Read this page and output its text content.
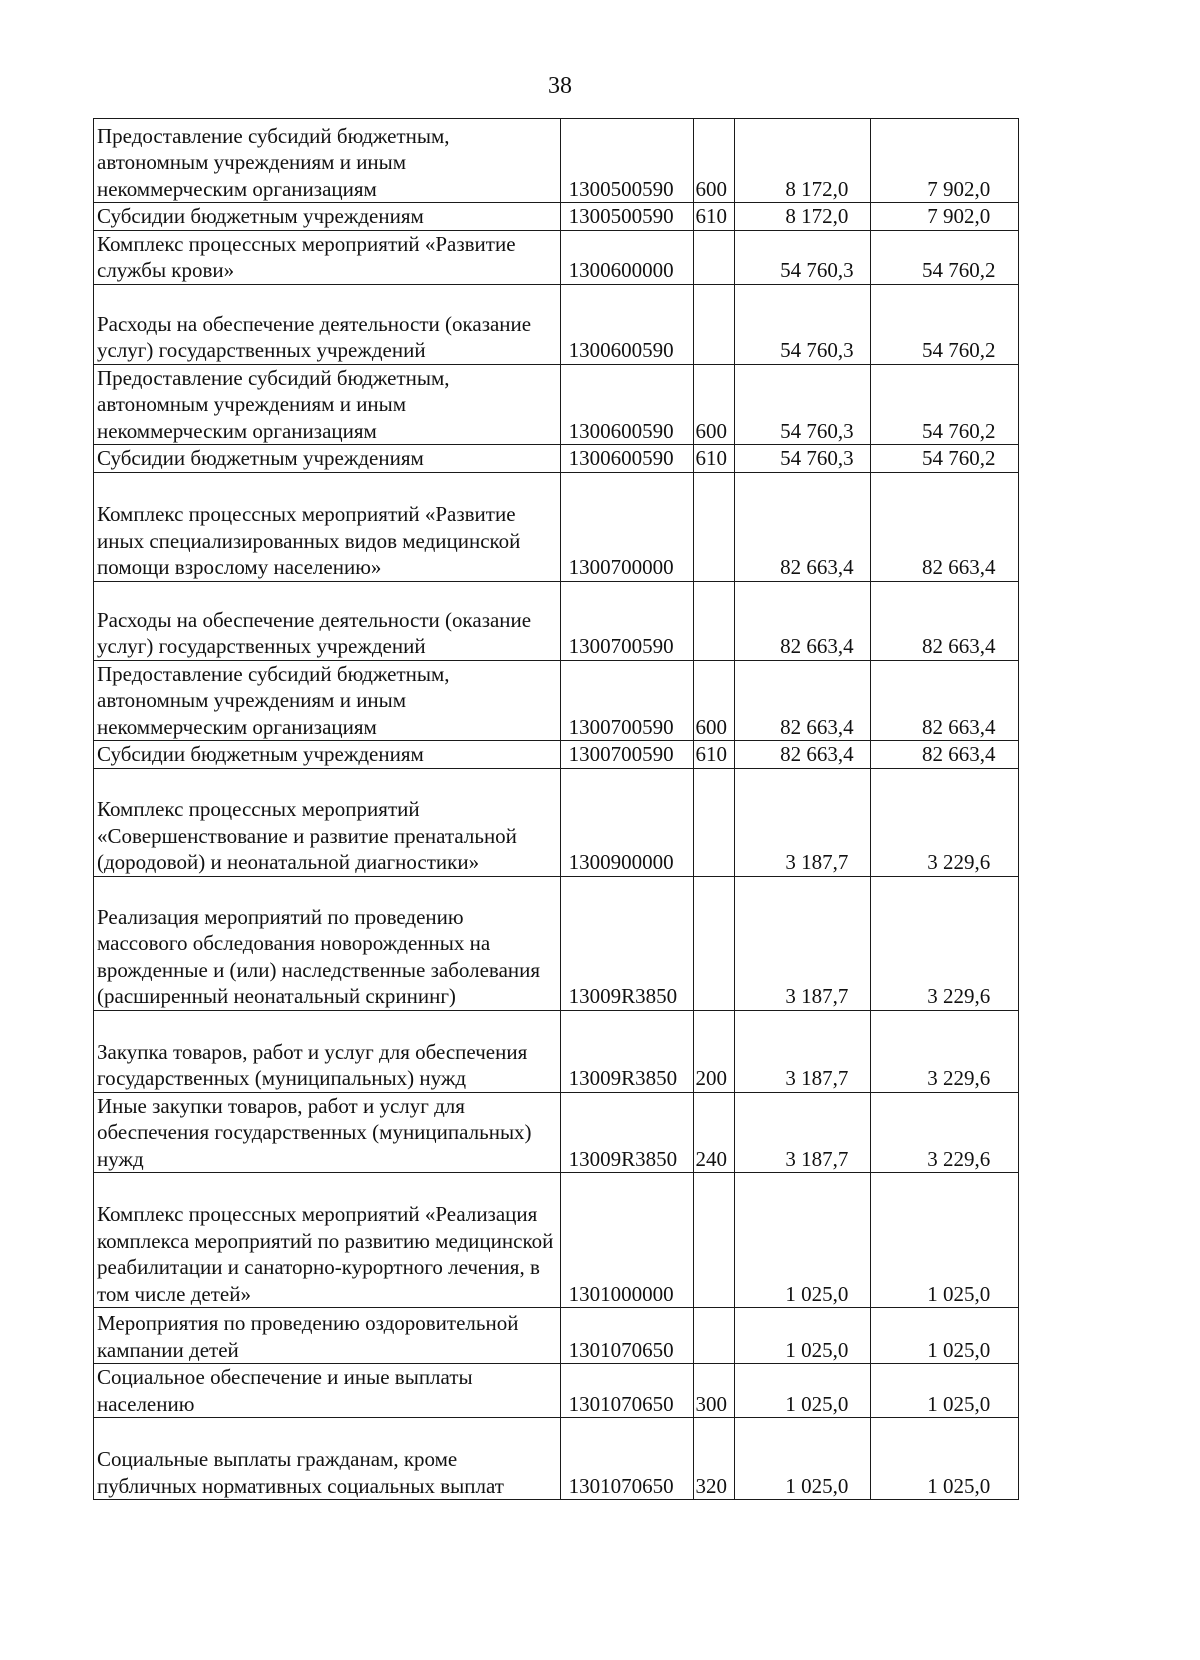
38
Предоставление субсидий бюджетным, автономным учреждениям и иным некоммерческим организациям	1300500590	600	8 172,0	7 902,0

Субсидии бюджетным учреждениям	1300500590	610	8 172,0	7 902,0

Комплекс процессных мероприятий «Развитие службы крови»	1300600000		54 760,3	54 760,2

Расходы на обеспечение деятельности (оказание услуг) государственных учреждений	1300600590		54 760,3	54 760,2

Предоставление субсидий бюджетным, автономным учреждениям и иным некоммерческим организациям	1300600590	600	54 760,3	54 760,2

Субсидии бюджетным учреждениям	1300600590	610	54 760,3	54 760,2

Комплекс процессных мероприятий «Развитие иных специализированных видов медицинской помощи взрослому населению»	1300700000		82 663,4	82 663,4

Расходы на обеспечение деятельности (оказание услуг) государственных учреждений	1300700590		82 663,4	82 663,4

Предоставление субсидий бюджетным, автономным учреждениям и иным некоммерческим организациям	1300700590	600	82 663,4	82 663,4

Субсидии бюджетным учреждениям	1300700590	610	82 663,4	82 663,4

Комплекс процессных мероприятий «Совершенствование и развитие пренатальной (дородовой) и неонатальной диагностики»	1300900000		3 187,7	3 229,6

Реализация мероприятий по проведению массового обследования новорожденных на врожденные и (или) наследственные заболевания (расширенный неонатальный скрининг)	13009R3850		3 187,7	3 229,6

Закупка товаров, работ и услуг для обеспечения государственных (муниципальных) нужд	13009R3850	200	3 187,7	3 229,6

Иные закупки товаров, работ и услуг для обеспечения государственных (муниципальных) нужд	13009R3850	240	3 187,7	3 229,6

Комплекс процессных мероприятий «Реализация комплекса мероприятий по развитию медицинской реабилитации и санаторно-курортного лечения, в том числе детей»	1301000000		1 025,0	1 025,0

Мероприятия по проведению оздоровительной кампании детей	1301070650		1 025,0	1 025,0

Социальное обеспечение и иные выплаты населению	1301070650	300	1 025,0	1 025,0

Социальные выплаты гражданам, кроме публичных нормативных социальных выплат	1301070650	320	1 025,0	1 025,0
